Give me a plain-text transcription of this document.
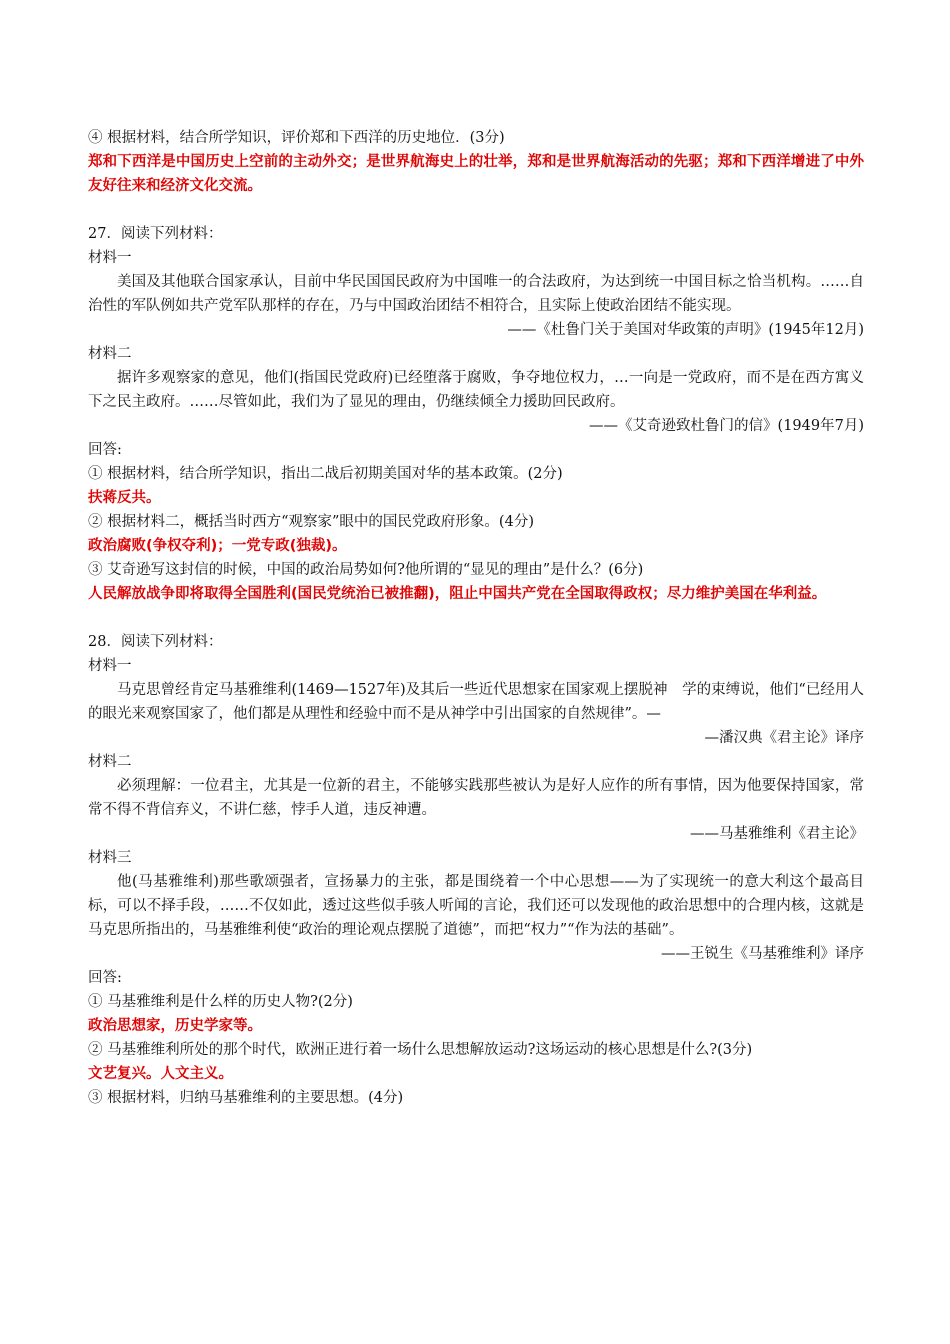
④ 根据材料，结合所学知识，评价郑和下西洋的历史地位．(3分)
郑和下西洋是中国历史上空前的主动外交；是世界航海史上的壮举，郑和是世界航海活动的先驱；郑和下西洋增进了中外友好往来和经济文化交流。
27．阅读下列材料：
材料一
美国及其他联合国家承认，目前中华民国国民政府为中国唯一的合法政府，为达到统一中国目标之恰当机构。……自治性的军队例如共产党军队那样的存在，乃与中国政治团结不相符合，且实际上使政治团结不能实现。
——《杜鲁门关于美国对华政策的声明》(1945年12月)
材料二
据许多观察家的意见，他们(指国民党政府)已经堕落于腐败，争夺地位权力，…一向是一党政府，而不是在西方寓义下之民主政府。……尽管如此，我们为了显见的理由，仍继续倾全力援助回民政府。
——《艾奇逊致杜鲁门的信》(1949年7月)
回答:
① 根据材料，结合所学知识，指出二战后初期美国对华的基本政策。(2分)
扶蒋反共。
② 根据材料二，概括当时西方“观察家”眼中的国民党政府形象。(4分)
政治腐败(争权夺利)；一党专政(独裁)。
③ 艾奇逊写这封信的时候，中国的政治局势如何?他所谓的“显见的理由”是什么？(6分)
人民解放战争即将取得全国胜利(国民党统治已被推翻)，阻止中国共产党在全国取得政权；尽力维护美国在华利益。
28．阅读下列材料：
材料一
马克思曾经肯定马基雅维利(1469—1527年)及其后一些近代思想家在国家观上摆脱神　学的束缚说，他们“已经用人的眼光来观察国家了，他们都是从理性和经验中而不是从神学中引出国家的自然规律”。—
—潘汉典《君主论》译序
材料二
必须理解：一位君主，尤其是一位新的君主，不能够实践那些被认为是好人应作的所有事情，因为他要保持国家，常常不得不背信弃义，不讲仁慈，悖手人道，违反神遭。
——马基雅维利《君主论》
材料三
他(马基雅维利)那些歌颂强者，宣扬暴力的主张，都是围绕着一个中心思想——为了实现统一的意大利这个最高目标，可以不择手段，……不仅如此，透过这些似手骇人听闻的言论，我们还可以发现他的政治思想中的合理内核，这就是马克思所指出的，马基雅维利使“政治的理论观点摆脱了道德”，而把“权力”“作为法的基础”。
——王锐生《马基雅维利》译序
回答:
① 马基雅维利是什么样的历史人物?(2分)
政治思想家，历史学家等。
② 马基雅维利所处的那个时代，欧洲正进行着一场什么思想解放运动?这场运动的核心思想是什么?(3分)
文艺复兴。人文主义。
③ 根据材料，归纳马基雅维利的主要思想。(4分)
